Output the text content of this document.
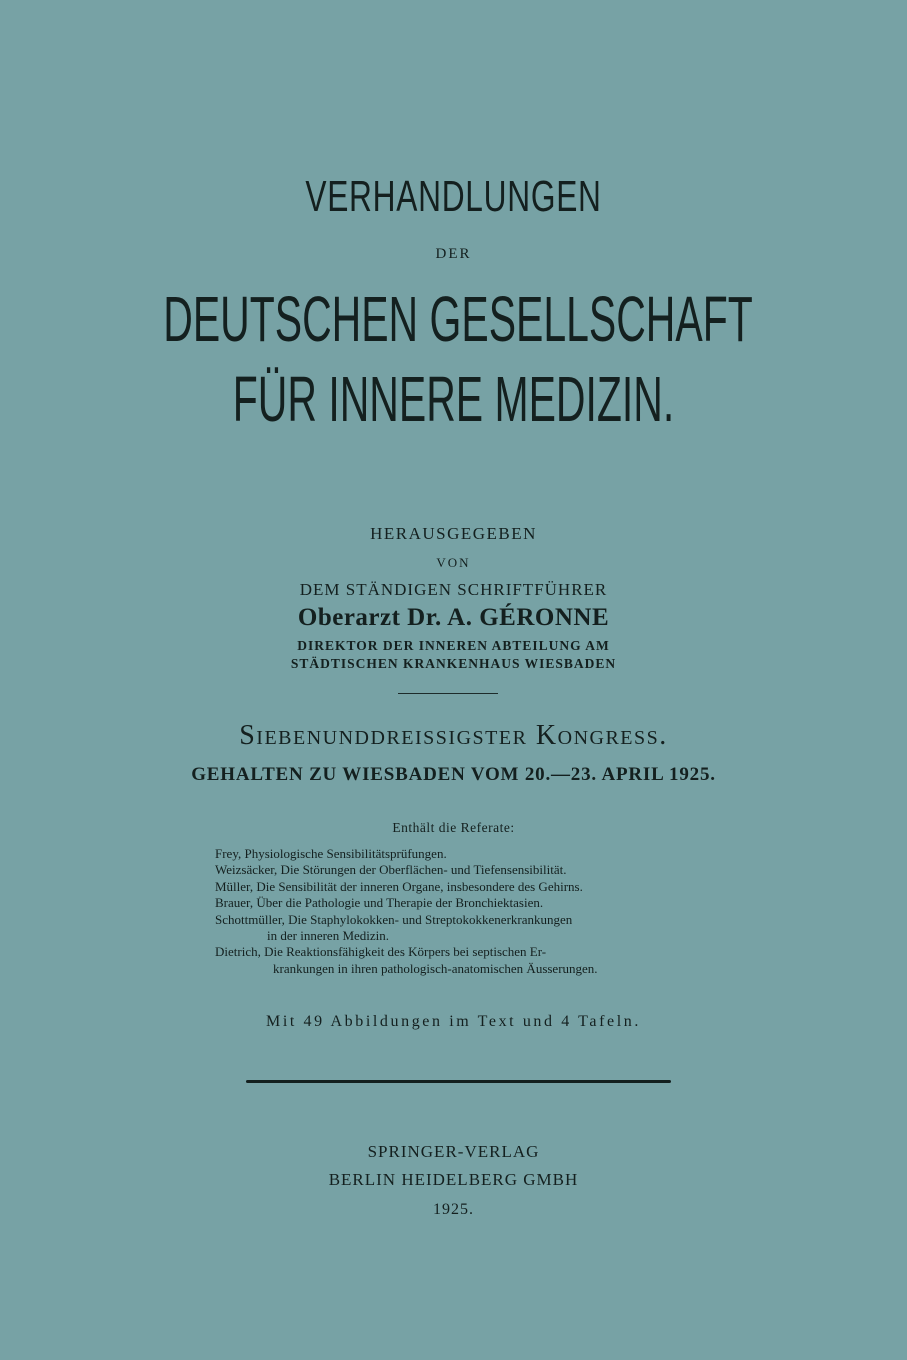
VERHANDLUNGEN
DER
DEUTSCHEN GESELLSCHAFT
FÜR INNERE MEDIZIN.
HERAUSGEGEBEN
VON
DEM STÄNDIGEN SCHRIFTFÜHRER
Oberarzt Dr. A. GÉRONNE
DIREKTOR DER INNEREN ABTEILUNG AM
STÄDTISCHEN KRANKENHAUS WIESBADEN
Siebenunddreissigster Kongress.
GEHALTEN ZU WIESBADEN VOM 20.—23. APRIL 1925.
Enthält die Referate:

Frey, Physiologische Sensibilitätsprüfungen.

Weizsäcker, Die Störungen der Oberflächen- und Tiefensensibilität.

Müller, Die Sensibilität der inneren Organe, insbesondere des Gehirns.

Brauer, Über die Pathologie und Therapie der Bronchiektasien.

Schottmüller, Die Staphylokokken- und Streptokokkenerkrankungen

in der inneren Medizin.

Dietrich, Die Reaktionsfähigkeit des Körpers bei septischen Er-

krankungen in ihren pathologisch-anatomischen Äusserungen.

Mit 49 Abbildungen im Text und 4 Tafeln.
SPRINGER-VERLAG
BERLIN HEIDELBERG GMBH
1925.
